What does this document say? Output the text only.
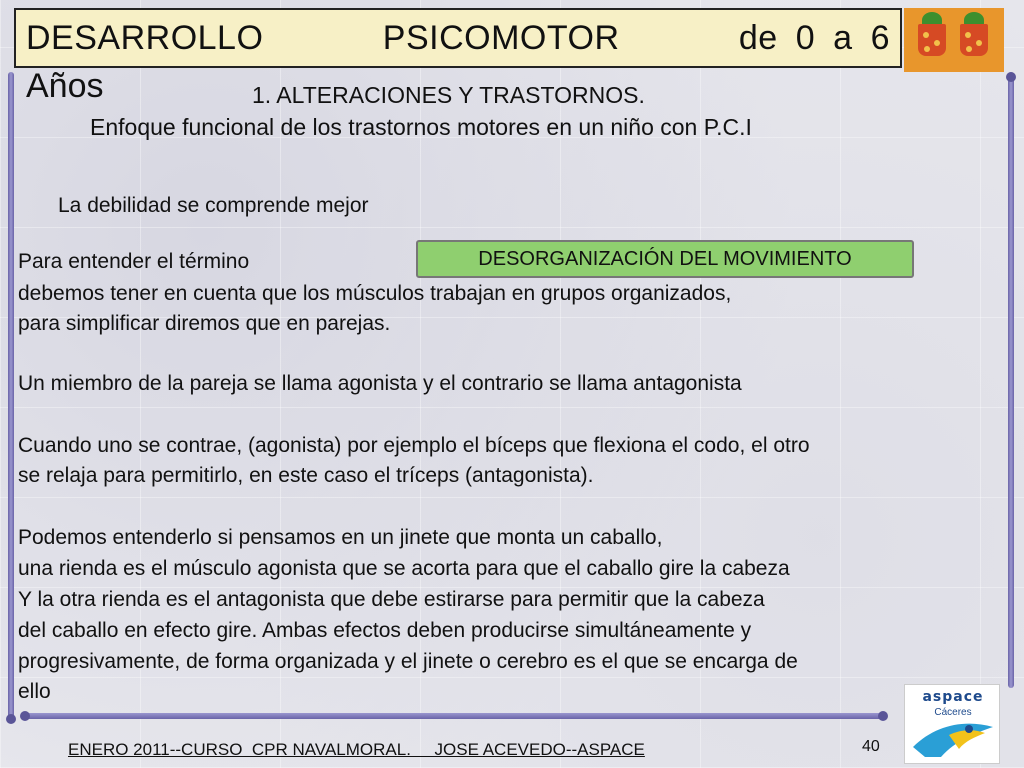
DESARROLLO	PSICOMOTOR	de 0 a 6
Años	1. ALTERACIONES Y TRASTORNOS.
Enfoque funcional de los trastornos motores en un niño con P.C.I
La debilidad se comprende mejor
DESORGANIZACIÓN DEL MOVIMIENTO
Para entender el término
debemos tener en cuenta que los músculos trabajan en grupos organizados,
para simplificar diremos que en parejas.
Un miembro de la pareja se llama agonista y el contrario se llama antagonista
Cuando uno se contrae, (agonista) por ejemplo el bíceps que flexiona el codo, el otro
se relaja para permitirlo, en este caso el tríceps (antagonista).
Podemos entenderlo si pensamos en un jinete que monta un caballo,
una rienda es el músculo agonista que se acorta para que el caballo gire la cabeza
Y la otra rienda es el antagonista que debe estirarse para permitir que la cabeza
del caballo en efecto gire. Ambas efectos deben producirse simultáneamente y
progresivamente, de forma organizada y el jinete o cerebro es el que se encarga de
ello
ENERO 2011--CURSO  CPR NAVALMORAL.     JOSE ACEVEDO--ASPACE	40
aspace
Cáceres
